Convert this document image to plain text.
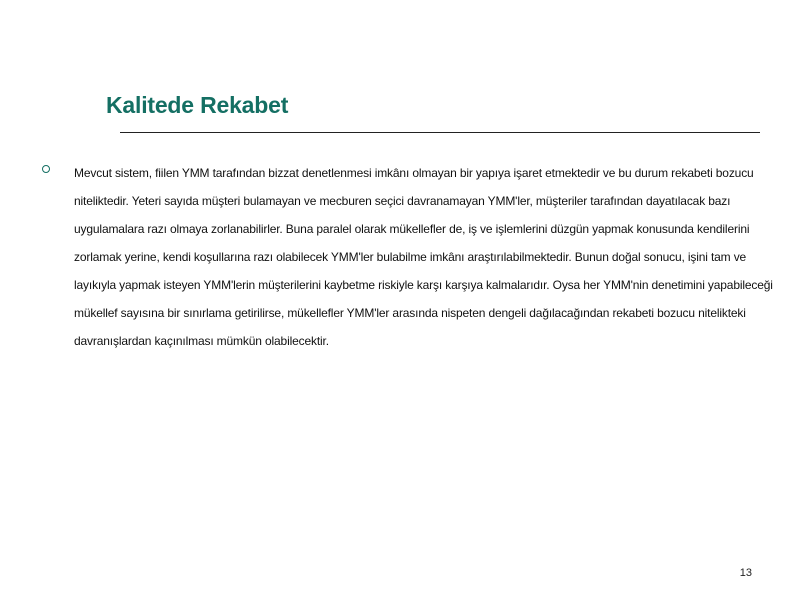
Kalitede Rekabet

Mevcut sistem, fiilen YMM tarafından bizzat denetlenmesi imkânı olmayan bir yapıya işaret etmektedir ve bu durum rekabeti bozucu niteliktedir. Yeteri sayıda müşteri bulamayan ve mecburen seçici davranamayan YMM'ler, müşteriler tarafından dayatılacak bazı uygulamalara razı olmaya zorlanabilirler. Buna paralel olarak mükellefler de, iş ve işlemlerini düzgün yapmak konusunda kendilerini zorlamak yerine, kendi koşullarına razı olabilecek YMM'ler bulabilme imkânı araştırılabilmektedir. Bunun doğal sonucu, işini tam ve layıkıyla yapmak isteyen YMM'lerin müşterilerini kaybetme riskiyle karşı karşıya kalmalarıdır. Oysa her YMM'nin denetimini yapabileceği mükellef sayısına bir sınırlama getirilirse, mükellefler YMM'ler arasında nispeten dengeli dağılacağından rekabeti bozucu nitelikteki davranışlardan kaçınılması mümkün olabilecektir.

13
